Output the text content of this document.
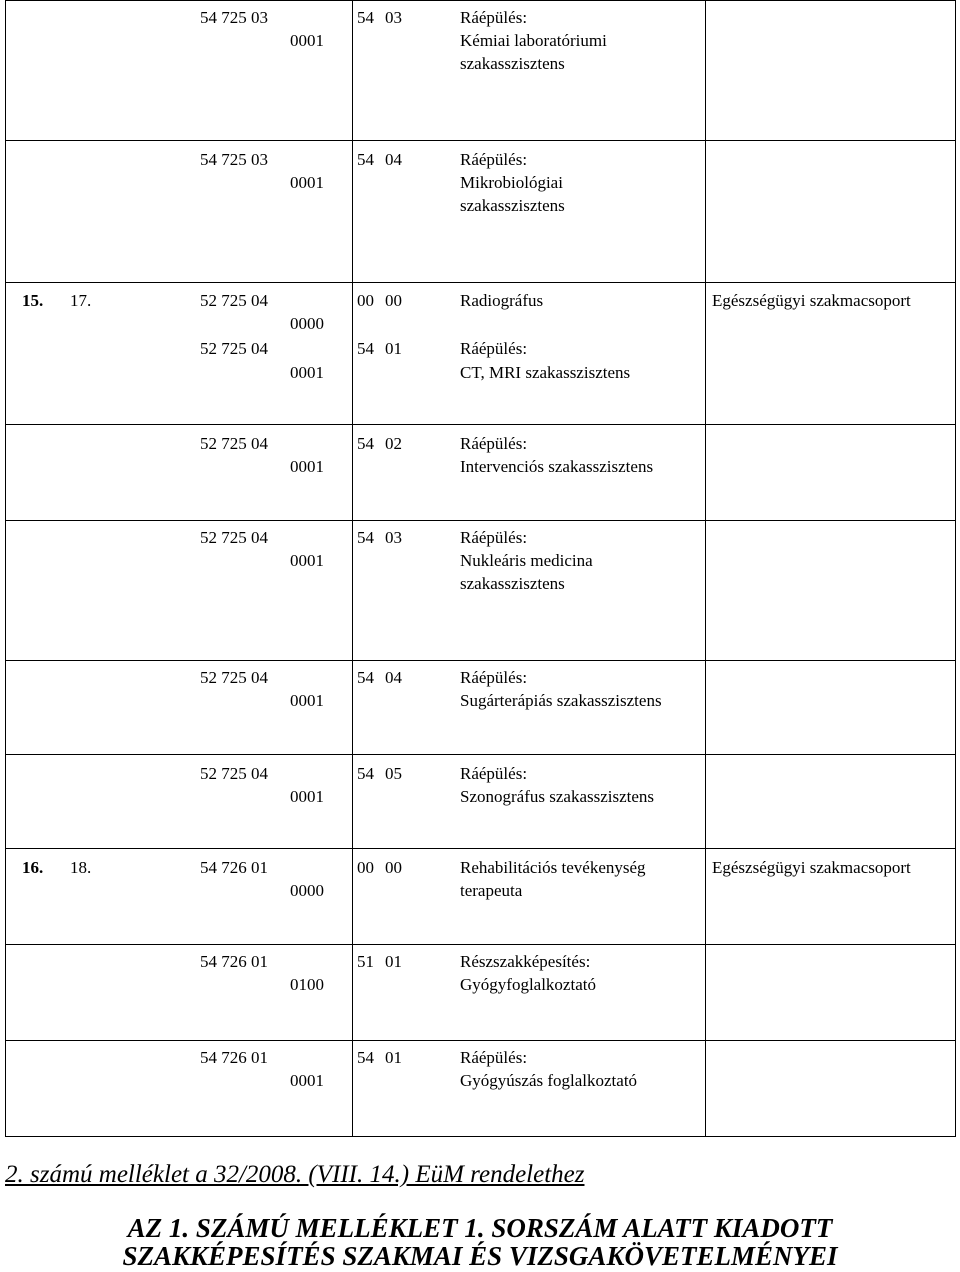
54 725 03
0001
54 03	Ráépülés:
Kémiai laboratóriumi
szakasszisztens
54 725 03
0001
54 04	Ráépülés:
Mikrobiológiai
szakasszisztens
15. 17.	52 725 04
0000
00 00	Radiográfus	Egészségügyi szakmacsoport
52 725 04
0001
54 01	Ráépülés:
CT, MRI szakasszisztens
52 725 04
0001
54 02	Ráépülés:
Intervenciós szakasszisztens
52 725 04
0001
54 03	Ráépülés:
Nukleáris medicina
szakasszisztens
52 725 04
0001
54 04	Ráépülés:
Sugárterápiás szakasszisztens
52 725 04
0001
54 05	Ráépülés:
Szonográfus szakasszisztens
16. 18.	54 726 01
0000
00 00	Rehabilitációs tevékenység
terapeuta
Egészségügyi szakmacsoport
54 726 01
0100
51 01	Részszakképesítés:
Gyógyfoglalkoztató
54 726 01
0001
54 01	Ráépülés:
Gyógyúszás foglalkoztató
2. számú melléklet a 32/2008. (VIII. 14.) EüM rendelethez
AZ 1. SZÁMÚ MELLÉKLET 1. SORSZÁM ALATT KIADOTT
SZAKKÉPESÍTÉS SZAKMAI ÉS VIZSGAKÖVETELMÉNYEI
